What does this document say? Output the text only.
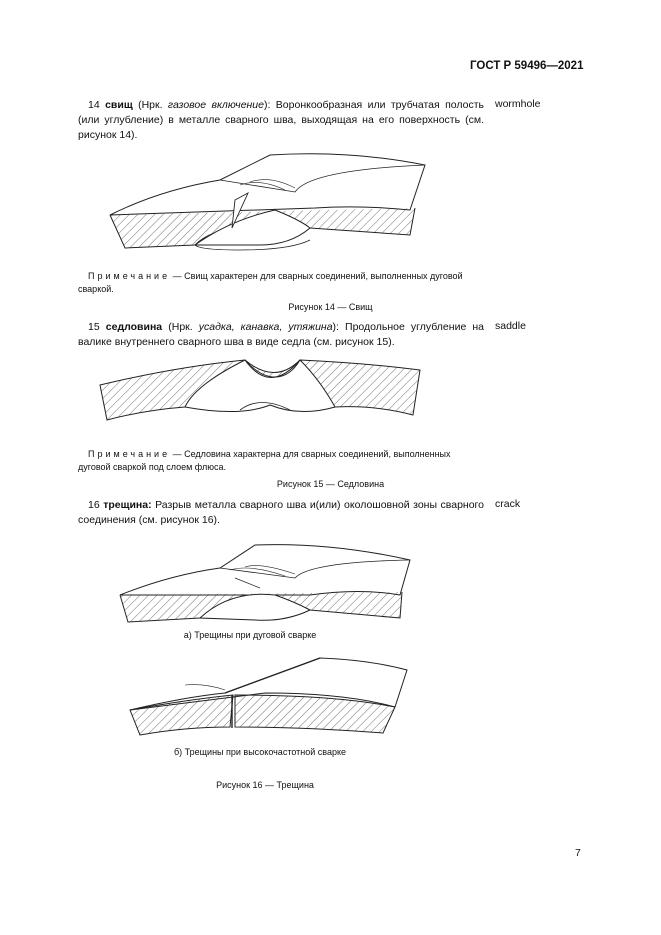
ГОСТ Р 59496—2021
14 свищ (Нрк. газовое включение): Воронкообразная или трубчатая полость (или углубление) в металле сварного шва, выходящая на его поверхность (см. рисунок 14).
wormhole
Примечание — Свищ характерен для сварных соединений, выполненных дуговой сваркой.
Рисунок 14 — Свищ
15 седловина (Нрк. усадка, канавка, утяжина): Продольное углубление на валике внутреннего сварного шва в виде седла (см. рисунок 15).
saddle
Примечание — Седловина характерна для сварных соединений, выполненных дуговой сваркой под слоем флюса.
Рисунок 15 — Седловина
16 трещина: Разрыв металла сварного шва и(или) околошовной зоны сварного соединения (см. рисунок 16).
crack
а) Трещины при дуговой сварке
б) Трещины при высокочастотной сварке
Рисунок 16 — Трещина
7
